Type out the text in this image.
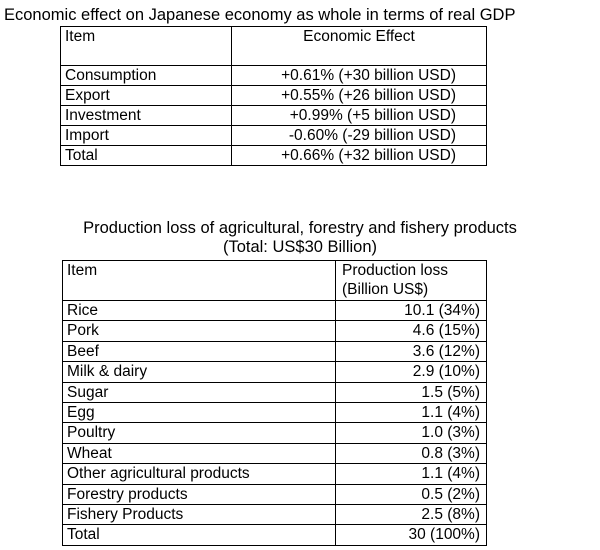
Economic effect on Japanese economy as whole in terms of real GDP
Item	Economic Effect
Consumption	+0.61% (+30 billion USD)
Export	+0.55% (+26 billion USD)
Investment	+0.99% (+5 billion USD)
Import	-0.60% (-29 billion USD)
Total	+0.66% (+32 billion USD)
Production loss of agricultural, forestry and fishery products
(Total: US$30 Billion)
Item	Production loss
(Billion US$)

Rice	10.1 (34%)
Pork	4.6 (15%)
Beef	3.6 (12%)
Milk & dairy	2.9 (10%)
Sugar	1.5 (5%)
Egg	1.1 (4%)
Poultry	1.0 (3%)
Wheat	0.8 (3%)
Other agricultural products	1.1 (4%)
Forestry products	0.5 (2%)
Fishery Products	2.5 (8%)
Total	30 (100%)
